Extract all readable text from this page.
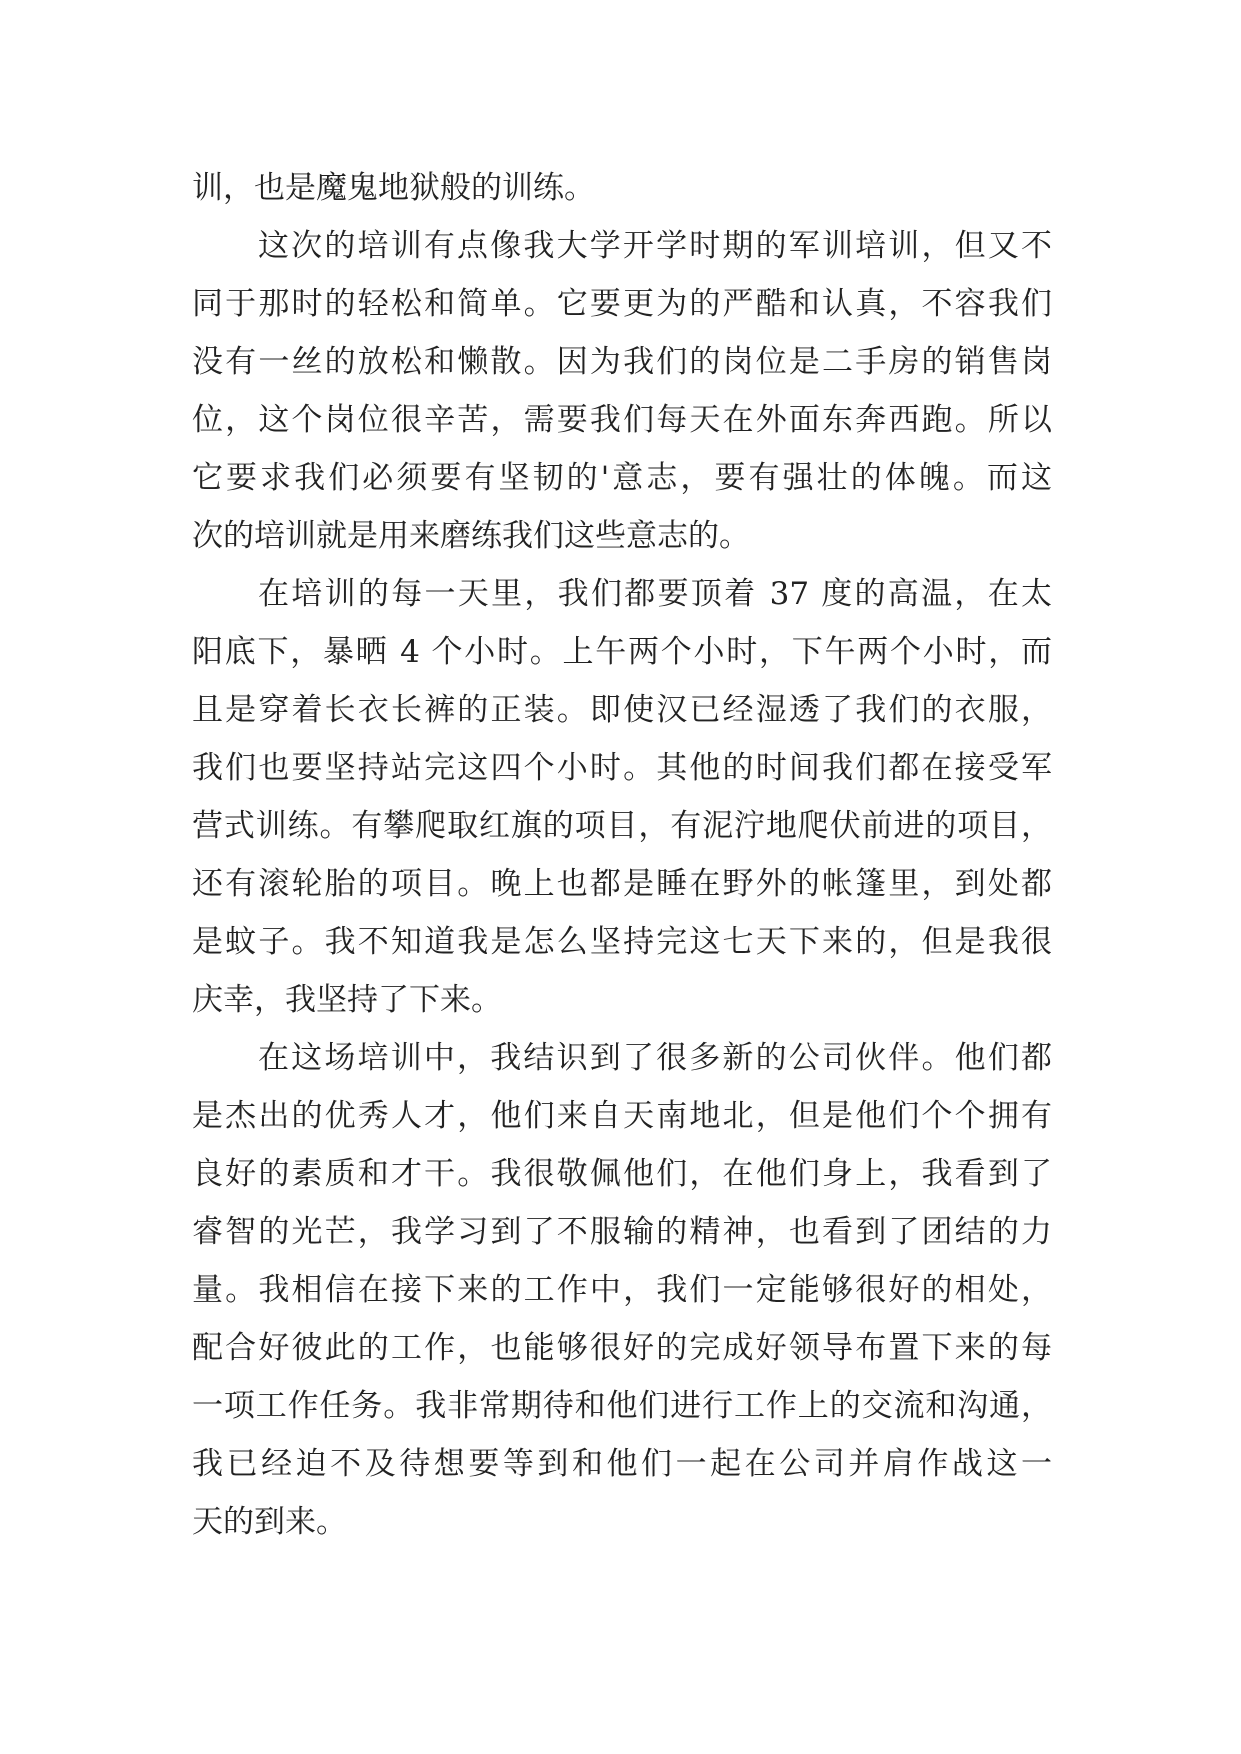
训，也是魔鬼地狱般的训练。
这次的培训有点像我大学开学时期的军训培训，但又不
同于那时的轻松和简单。它要更为的严酷和认真，不容我们
没有一丝的放松和懒散。因为我们的岗位是二手房的销售岗
位，这个岗位很辛苦，需要我们每天在外面东奔西跑。所以
它要求我们必须要有坚韧的'意志，要有强壮的体魄。而这
次的培训就是用来磨练我们这些意志的。
在培训的每一天里，我们都要顶着 37 度的高温，在太
阳底下，暴晒 4 个小时。上午两个小时，下午两个小时，而
且是穿着长衣长裤的正装。即使汉已经湿透了我们的衣服，
我们也要坚持站完这四个小时。其他的时间我们都在接受军
营式训练。有攀爬取红旗的项目，有泥泞地爬伏前进的项目，
还有滚轮胎的项目。晚上也都是睡在野外的帐篷里，到处都
是蚊子。我不知道我是怎么坚持完这七天下来的，但是我很
庆幸，我坚持了下来。
在这场培训中，我结识到了很多新的公司伙伴。他们都
是杰出的优秀人才，他们来自天南地北，但是他们个个拥有
良好的素质和才干。我很敬佩他们，在他们身上，我看到了
睿智的光芒，我学习到了不服输的精神，也看到了团结的力
量。我相信在接下来的工作中，我们一定能够很好的相处，
配合好彼此的工作，也能够很好的完成好领导布置下来的每
一项工作任务。我非常期待和他们进行工作上的交流和沟通，
我已经迫不及待想要等到和他们一起在公司并肩作战这一
天的到来。
